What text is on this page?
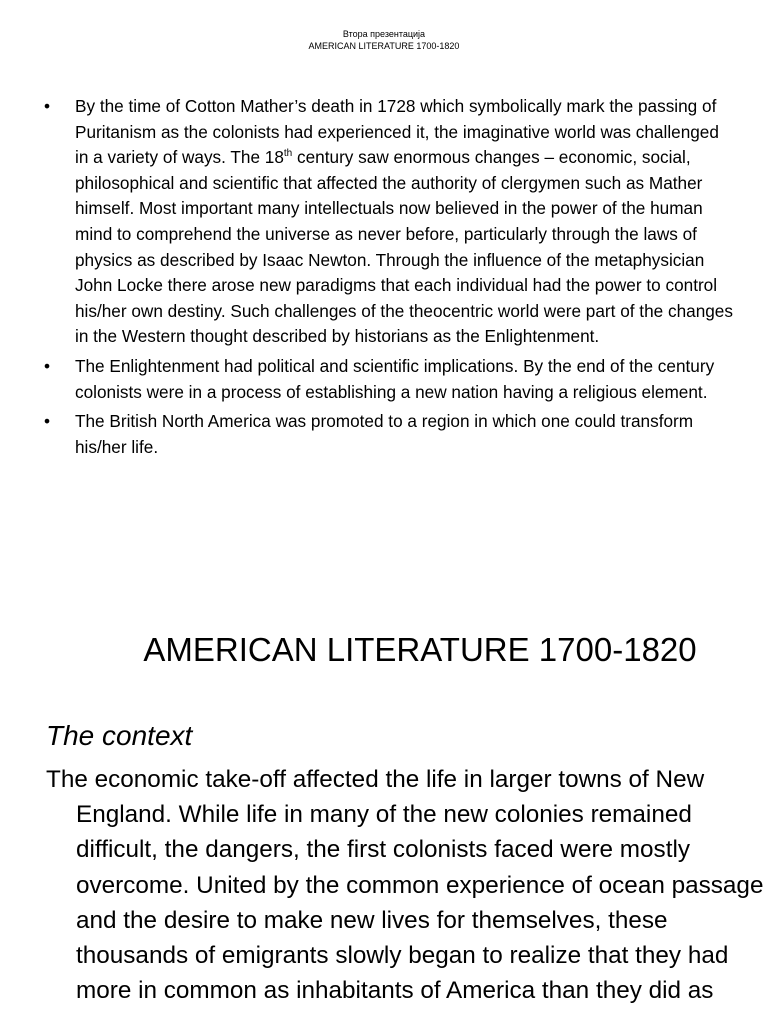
Втора презентација
AMERICAN LITERATURE 1700-1820
• By the time of Cotton Mather’s death in 1728 which symbolically mark the passing of Puritanism as the colonists had experienced it, the imaginative world was challenged in a variety of ways. The 18th century saw enormous changes – economic, social, philosophical and scientific that affected the authority of clergymen such as Mather himself. Most important many intellectuals now believed in the power of the human mind to comprehend the universe as never before, particularly through the laws of physics as described by Isaac Newton. Through the influence of the metaphysician John Locke there arose new paradigms that each individual had the power to control his/her own destiny. Such challenges of the theocentric world were part of the changes in the Western thought described by historians as the Enlightenment.
• The Enlightenment had political and scientific implications. By the end of the century colonists were in a process of establishing a new nation having a religious element.
• The British North America was promoted to a region in which one could transform his/her life.
AMERICAN LITERATURE 1700-1820
The context
The economic take-off affected the life in larger towns of New England. While life in many of the new colonies remained difficult, the dangers, the first colonists faced were mostly overcome. United by the common experience of ocean passage and the desire to make new lives for themselves, these thousands of emigrants slowly began to realize that they had more in common as inhabitants of America than they did as
